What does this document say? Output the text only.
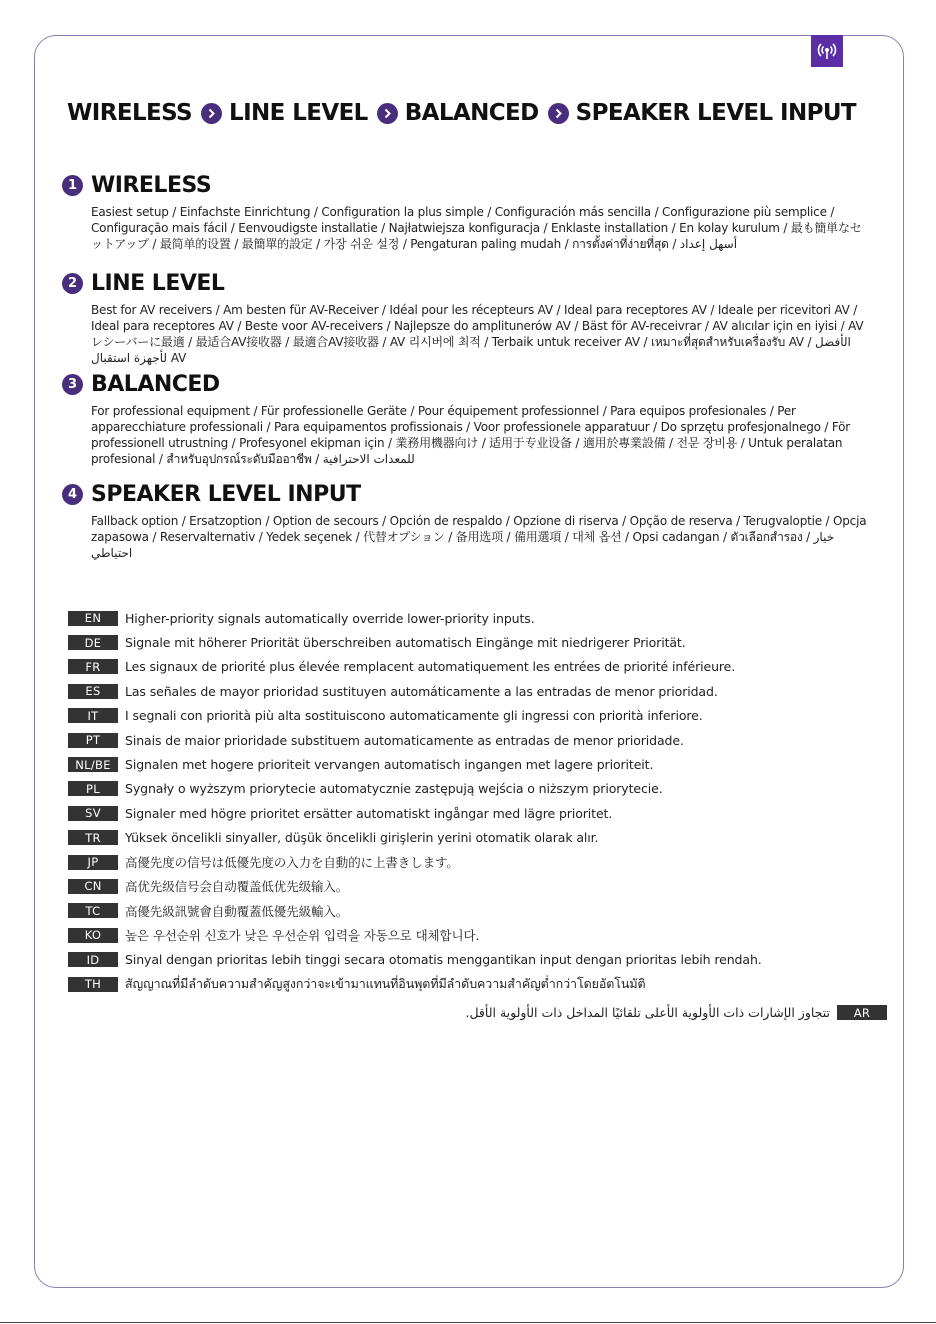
WIRELESS LINE LEVEL BALANCED SPEAKER LEVEL INPUT
1 WIRELESS
Easiest setup / Einfachste Einrichtung / Configuration la plus simple / Configuración más sencilla / Configurazione più semplice / Configuração mais fácil / Eenvoudigste installatie / Najłatwiejsza konfiguracja / Enklaste installation / En kolay kurulum / 最も簡単なセットアップ / 最简单的设置 / 最簡單的設定 / 가장 쉬운 설정 / Pengaturan paling mudah / การตั้งค่าที่ง่ายที่สุด / أسهل إعداد
2 LINE LEVEL
Best for AV receivers / Am besten für AV-Receiver / Idéal pour les récepteurs AV / Ideal para receptores AV / Ideale per ricevitori AV / Ideal para receptores AV / Beste voor AV-receivers / Najlepsze do amplitunerów AV / Bäst för AV-receivrar / AV alıcılar için en iyisi / AVレシーバーに最適 / 最适合AV接收器 / 最適合AV接收器 / AV 리시버에 최적 / Terbaik untuk receiver AV / เหมาะที่สุดสำหรับเครื่องรับ AV / الأفضل لأجهزة استقبال AV
3 BALANCED
For professional equipment / Für professionelle Geräte / Pour équipement professionnel / Para equipos profesionales / Per apparecchiature professionali / Para equipamentos profissionais / Voor professionele apparatuur / Do sprzętu profesjonalnego / För professionell utrustning / Profesyonel ekipman için / 業務用機器向け / 适用于专业设备 / 適用於專業設備 / 전문 장비용 / Untuk peralatan profesional / สำหรับอุปกรณ์ระดับมืออาชีพ / للمعدات الاحترافية
4 SPEAKER LEVEL INPUT
Fallback option / Ersatzoption / Option de secours / Opción de respaldo / Opzione di riserva / Opção de reserva / Terugvaloptie / Opcja zapasowa / Reservalternativ / Yedek seçenek / 代替オプション / 备用选项 / 備用選項 / 대체 옵션 / Opsi cadangan / ตัวเลือกสำรอง / خيار احتياطي
EN	Higher-priority signals automatically override lower-priority inputs.
DE	Signale mit höherer Priorität überschreiben automatisch Eingänge mit niedrigerer Priorität.
FR	Les signaux de priorité plus élevée remplacent automatiquement les entrées de priorité inférieure.
ES	Las señales de mayor prioridad sustituyen automáticamente a las entradas de menor prioridad.
IT	I segnali con priorità più alta sostituiscono automaticamente gli ingressi con priorità inferiore.
PT	Sinais de maior prioridade substituem automaticamente as entradas de menor prioridade.
NL/BE	Signalen met hogere prioriteit vervangen automatisch ingangen met lagere prioriteit.
PL	Sygnały o wyższym priorytecie automatycznie zastępują wejścia o niższym priorytecie.
SV	Signaler med högre prioritet ersätter automatiskt ingångar med lägre prioritet.
TR	Yüksek öncelikli sinyaller, düşük öncelikli girişlerin yerini otomatik olarak alır.
JP	高優先度の信号は低優先度の入力を自動的に上書きします。
CN	高优先级信号会自动覆盖低优先级输入。
TC	高優先級訊號會自動覆蓋低優先級輸入。
KO	높은 우선순위 신호가 낮은 우선순위 입력을 자동으로 대체합니다.
ID	Sinyal dengan prioritas lebih tinggi secara otomatis menggantikan input dengan prioritas lebih rendah.
TH	สัญญาณที่มีลำดับความสำคัญสูงกว่าจะเข้ามาแทนที่อินพุตที่มีลำดับความสำคัญต่ำกว่าโดยอัตโนมัติ
تتجاوز الإشارات ذات الأولوية الأعلى تلقائيًا المداخل ذات الأولوية الأقل.	AR
